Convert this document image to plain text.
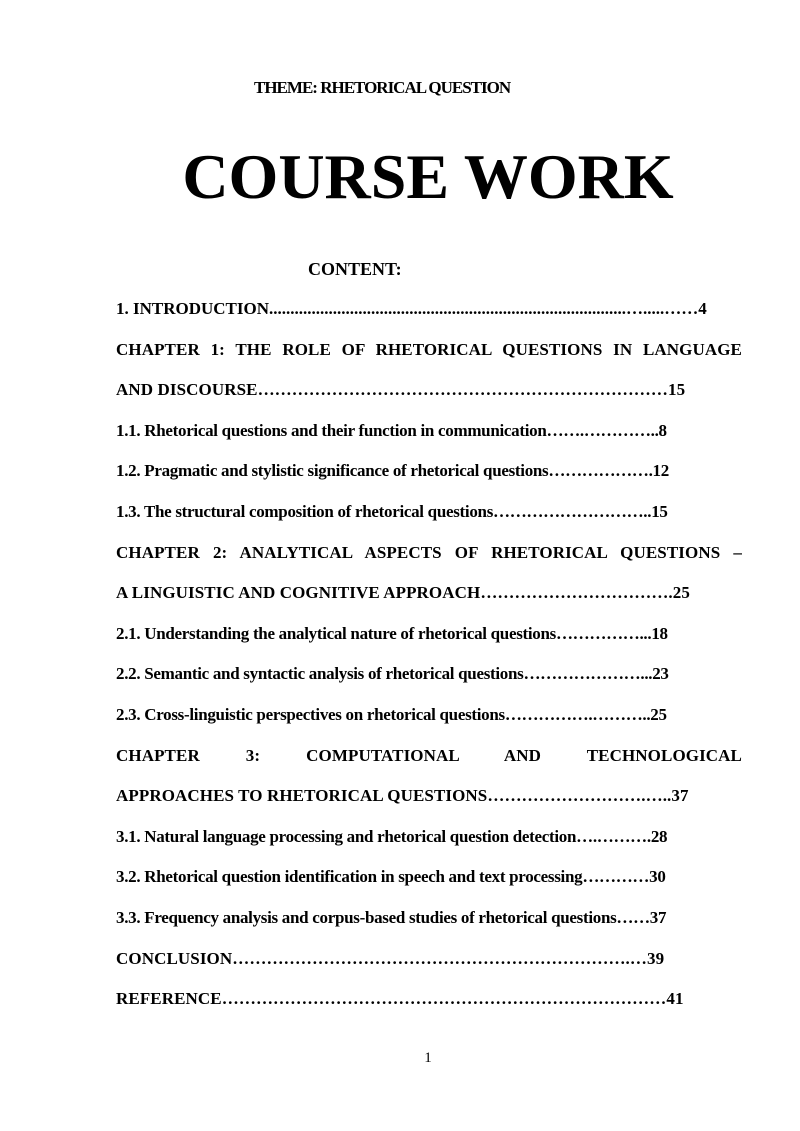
THEME: RHETORICAL QUESTION
COURSE WORK
CONTENT:
1. INTRODUCTION....................................................................................….....……4
CHAPTER 1: THE ROLE OF RHETORICAL QUESTIONS IN LANGUAGE
AND DISCOURSE………………………………………………………………15
1.1. Rhetorical questions and their function in communication…….…………..8
1.2. Pragmatic and stylistic significance of rhetorical questions……………….12
1.3. The structural composition of rhetorical questions………………………..15
CHAPTER 2: ANALYTICAL ASPECTS OF RHETORICAL QUESTIONS –
A LINGUISTIC AND COGNITIVE APPROACH…………………………….25
2.1. Understanding the analytical nature of rhetorical questions……………...18
2.2. Semantic and syntactic analysis of rhetorical questions…………………...23
2.3. Cross-linguistic perspectives on rhetorical questions…………….………..25
CHAPTER 3: COMPUTATIONAL AND TECHNOLOGICAL
APPROACHES TO RHETORICAL QUESTIONS……………………….…..37
3.1. Natural language processing and rhetorical question detection….……….28
3.2. Rhetorical question identification in speech and text processing…………30
3.3. Frequency analysis and corpus-based studies of rhetorical questions……37
CONCLUSION…………………………………………………………….…39
REFERENCE……………………………………………………………………41
1
